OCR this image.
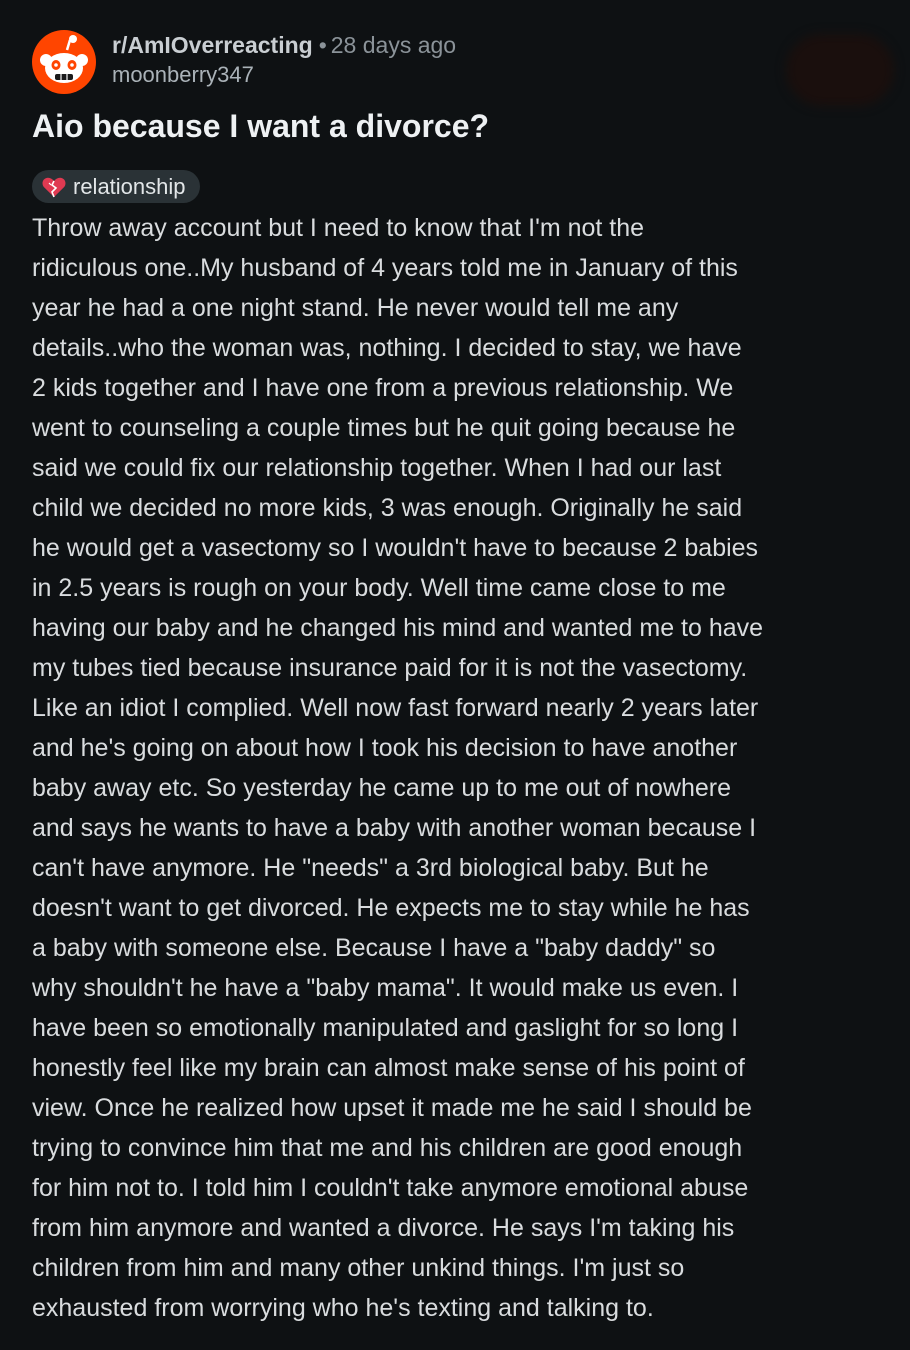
r/AmIOverreacting • 28 days ago
moonberry347
Aio because I want a divorce?
relationship
Throw away account but I need to know that I'm not the
ridiculous one..My husband of 4 years told me in January of this
year he had a one night stand. He never would tell me any
details..who the woman was, nothing. I decided to stay, we have
2 kids together and I have one from a previous relationship. We
went to counseling a couple times but he quit going because he
said we could fix our relationship together. When I had our last
child we decided no more kids, 3 was enough. Originally he said
he would get a vasectomy so I wouldn't have to because 2 babies
in 2.5 years is rough on your body. Well time came close to me
having our baby and he changed his mind and wanted me to have
my tubes tied because insurance paid for it is not the vasectomy.
Like an idiot I complied. Well now fast forward nearly 2 years later
and he's going on about how I took his decision to have another
baby away etc. So yesterday he came up to me out of nowhere
and says he wants to have a baby with another woman because I
can't have anymore. He "needs" a 3rd biological baby. But he
doesn't want to get divorced. He expects me to stay while he has
a baby with someone else. Because I have a "baby daddy" so
why shouldn't he have a "baby mama". It would make us even. I
have been so emotionally manipulated and gaslight for so long I
honestly feel like my brain can almost make sense of his point of
view. Once he realized how upset it made me he said I should be
trying to convince him that me and his children are good enough
for him not to. I told him I couldn't take anymore emotional abuse
from him anymore and wanted a divorce. He says I'm taking his
children from him and many other unkind things. I'm just so
exhausted from worrying who he's texting and talking to.
